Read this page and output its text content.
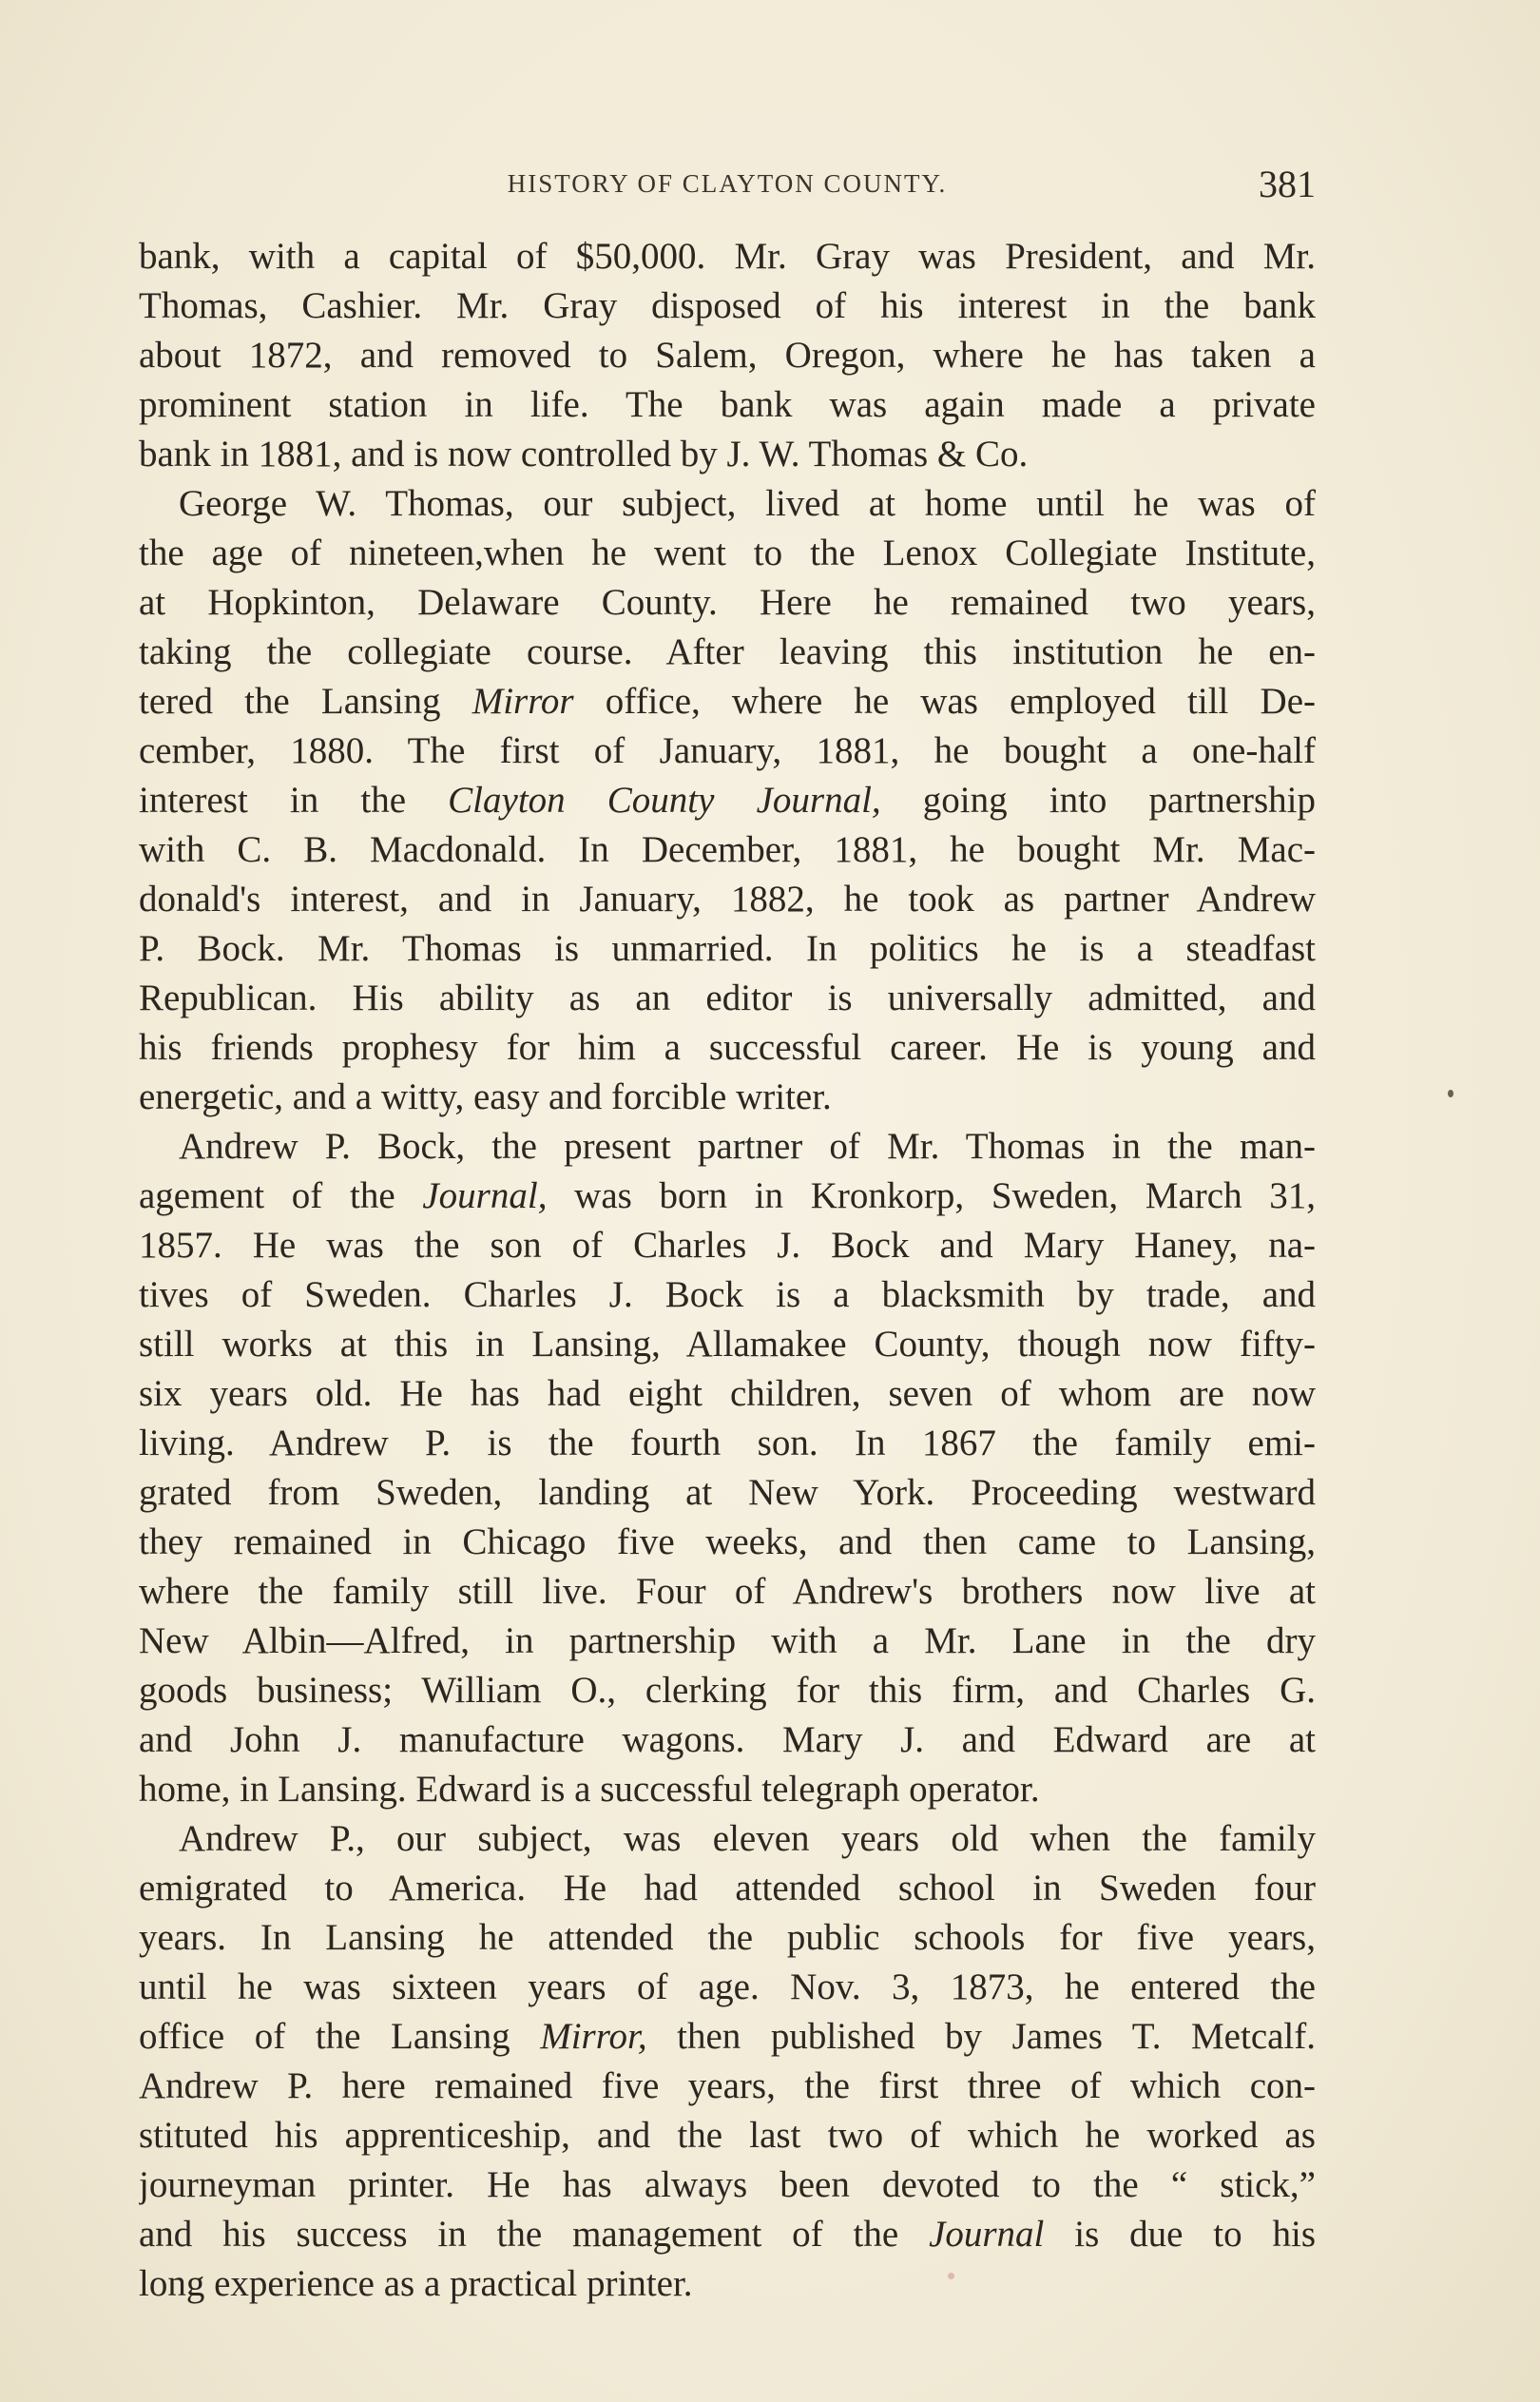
HISTORY OF CLAYTON COUNTY.	381
bank, with a capital of $50,000. Mr. Gray was President, and Mr.
Thomas, Cashier. Mr. Gray disposed of his interest in the bank
about 1872, and removed to Salem, Oregon, where he has taken a
prominent station in life. The bank was again made a private
bank in 1881, and is now controlled by J. W. Thomas & Co.
George W. Thomas, our subject, lived at home until he was of
the age of nineteen,when he went to the Lenox Collegiate Institute,
at Hopkinton, Delaware County. Here he remained two years,
taking the collegiate course. After leaving this institution he en-
tered the Lansing Mirror office, where he was employed till De-
cember, 1880. The first of January, 1881, he bought a one-half
interest in the Clayton County Journal, going into partnership
with C. B. Macdonald. In December, 1881, he bought Mr. Mac-
donald's interest, and in January, 1882, he took as partner Andrew
P. Bock. Mr. Thomas is unmarried. In politics he is a steadfast
Republican. His ability as an editor is universally admitted, and
his friends prophesy for him a successful career. He is young and
energetic, and a witty, easy and forcible writer.
Andrew P. Bock, the present partner of Mr. Thomas in the man-
agement of the Journal, was born in Kronkorp, Sweden, March 31,
1857. He was the son of Charles J. Bock and Mary Haney, na-
tives of Sweden. Charles J. Bock is a blacksmith by trade, and
still works at this in Lansing, Allamakee County, though now fifty-
six years old. He has had eight children, seven of whom are now
living. Andrew P. is the fourth son. In 1867 the family emi-
grated from Sweden, landing at New York. Proceeding westward
they remained in Chicago five weeks, and then came to Lansing,
where the family still live. Four of Andrew's brothers now live at
New Albin—Alfred, in partnership with a Mr. Lane in the dry
goods business; William O., clerking for this firm, and Charles G.
and John J. manufacture wagons. Mary J. and Edward are at
home, in Lansing. Edward is a successful telegraph operator.
Andrew P., our subject, was eleven years old when the family
emigrated to America. He had attended school in Sweden four
years. In Lansing he attended the public schools for five years,
until he was sixteen years of age. Nov. 3, 1873, he entered the
office of the Lansing Mirror, then published by James T. Metcalf.
Andrew P. here remained five years, the first three of which con-
stituted his apprenticeship, and the last two of which he worked as
journeyman printer. He has always been devoted to the “ stick,”
and his success in the management of the Journal is due to his
long experience as a practical printer.
